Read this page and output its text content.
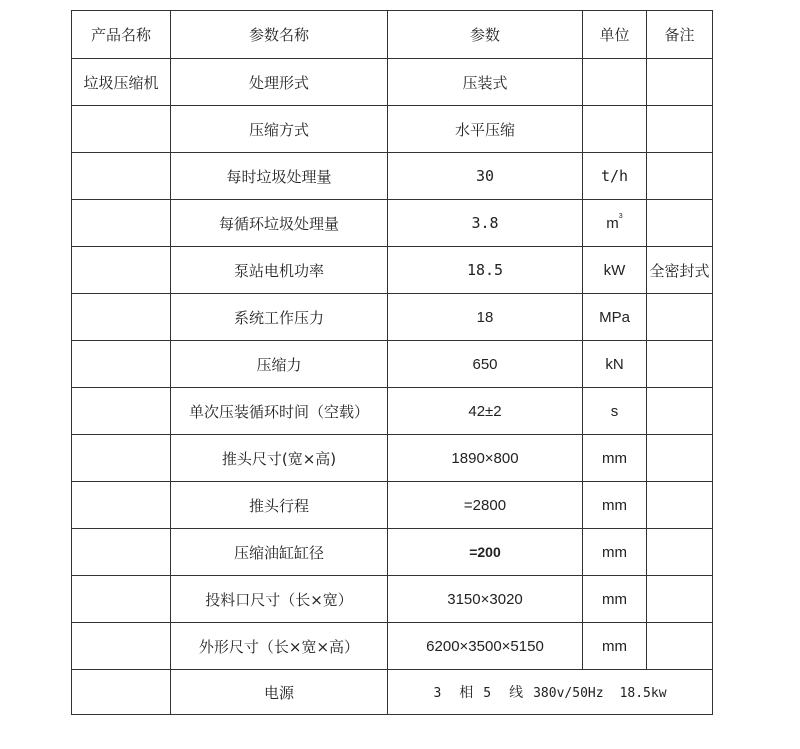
产品名称	参数名称	参数	单位	备注
垃圾压缩机	处理形式	压装式		
	压缩方式	水平压缩		
	每时垃圾处理量	30	t/h	
	每循环垃圾处理量	3.8	$m^3$	
	泵站电机功率	18.5	kW	全密封式
	系统工作压力	18	MPa	
	压缩力	650	kN	
	单次压装循环时间（空载）	42±2	s	
	推头尺寸(宽×高)	1890×800	mm	
	推头行程	=2800	mm	
	压缩油缸缸径	=200	mm	
	投料口尺寸（长×宽）	3150×3020	mm	
	外形尺寸（长×宽×高）	6200×3500×5150	mm	
	电源	3 相 5 线 380v/50Hz 18.5kw		
